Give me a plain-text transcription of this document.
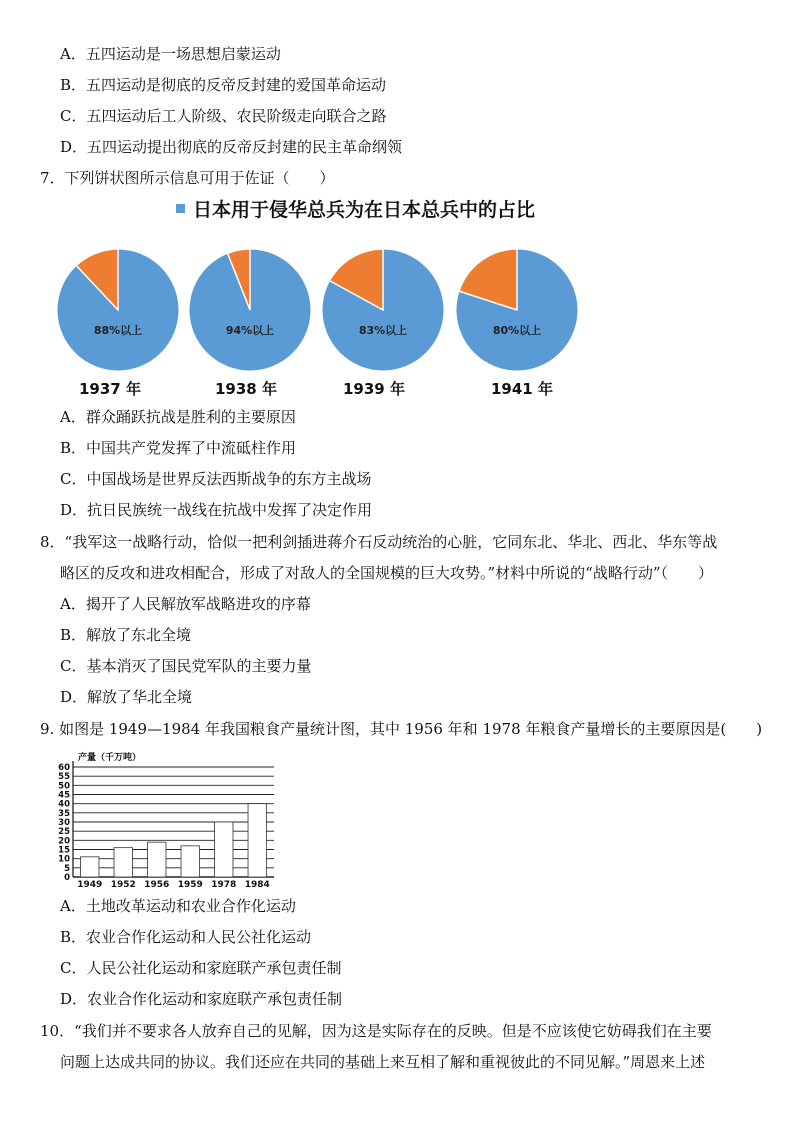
A．五四运动是一场思想启蒙运动
B．五四运动是彻底的反帝反封建的爱国革命运动
C．五四运动后工人阶级、农民阶级走向联合之路
D．五四运动提出彻底的反帝反封建的民主革命纲领
7．下列饼状图所示信息可用于佐证（　　）
日本用于侵华总兵为在日本总兵中的占比
88%以上	94%以上	83%以上	80%以上
1937 年	1938 年	1939 年	1941 年
A．群众踊跃抗战是胜利的主要原因
B．中国共产党发挥了中流砥柱作用
C．中国战场是世界反法西斯战争的东方主战场
D．抗日民族统一战线在抗战中发挥了决定作用
8．“我军这一战略行动，恰似一把利剑插进蒋介石反动统治的心脏，它同东北、华北、西北、华东等战
略区的反攻和进攻相配合，形成了对敌人的全国规模的巨大攻势。”材料中所说的“战略行动”（　　）
A．揭开了人民解放军战略进攻的序幕
B．解放了东北全境
C．基本消灭了国民党军队的主要力量
D．解放了华北全境
9. 如图是 1949—1984 年我国粮食产量统计图，其中 1956 年和 1978 年粮食产量增长的主要原因是(　　)
产量（千万吨）
0
5
10
15
20
25
30
35
40
45
50
55
60
1949 1952 1956 1959 1978 1984
A．土地改革运动和农业合作化运动
B．农业合作化运动和人民公社化运动
C．人民公社化运动和家庭联产承包责任制
D．农业合作化运动和家庭联产承包责任制
10．“我们并不要求各人放弃自己的见解，因为这是实际存在的反映。但是不应该使它妨碍我们在主要
问题上达成共同的协议。我们还应在共同的基础上来互相了解和重视彼此的不同见解。”周恩来上述
